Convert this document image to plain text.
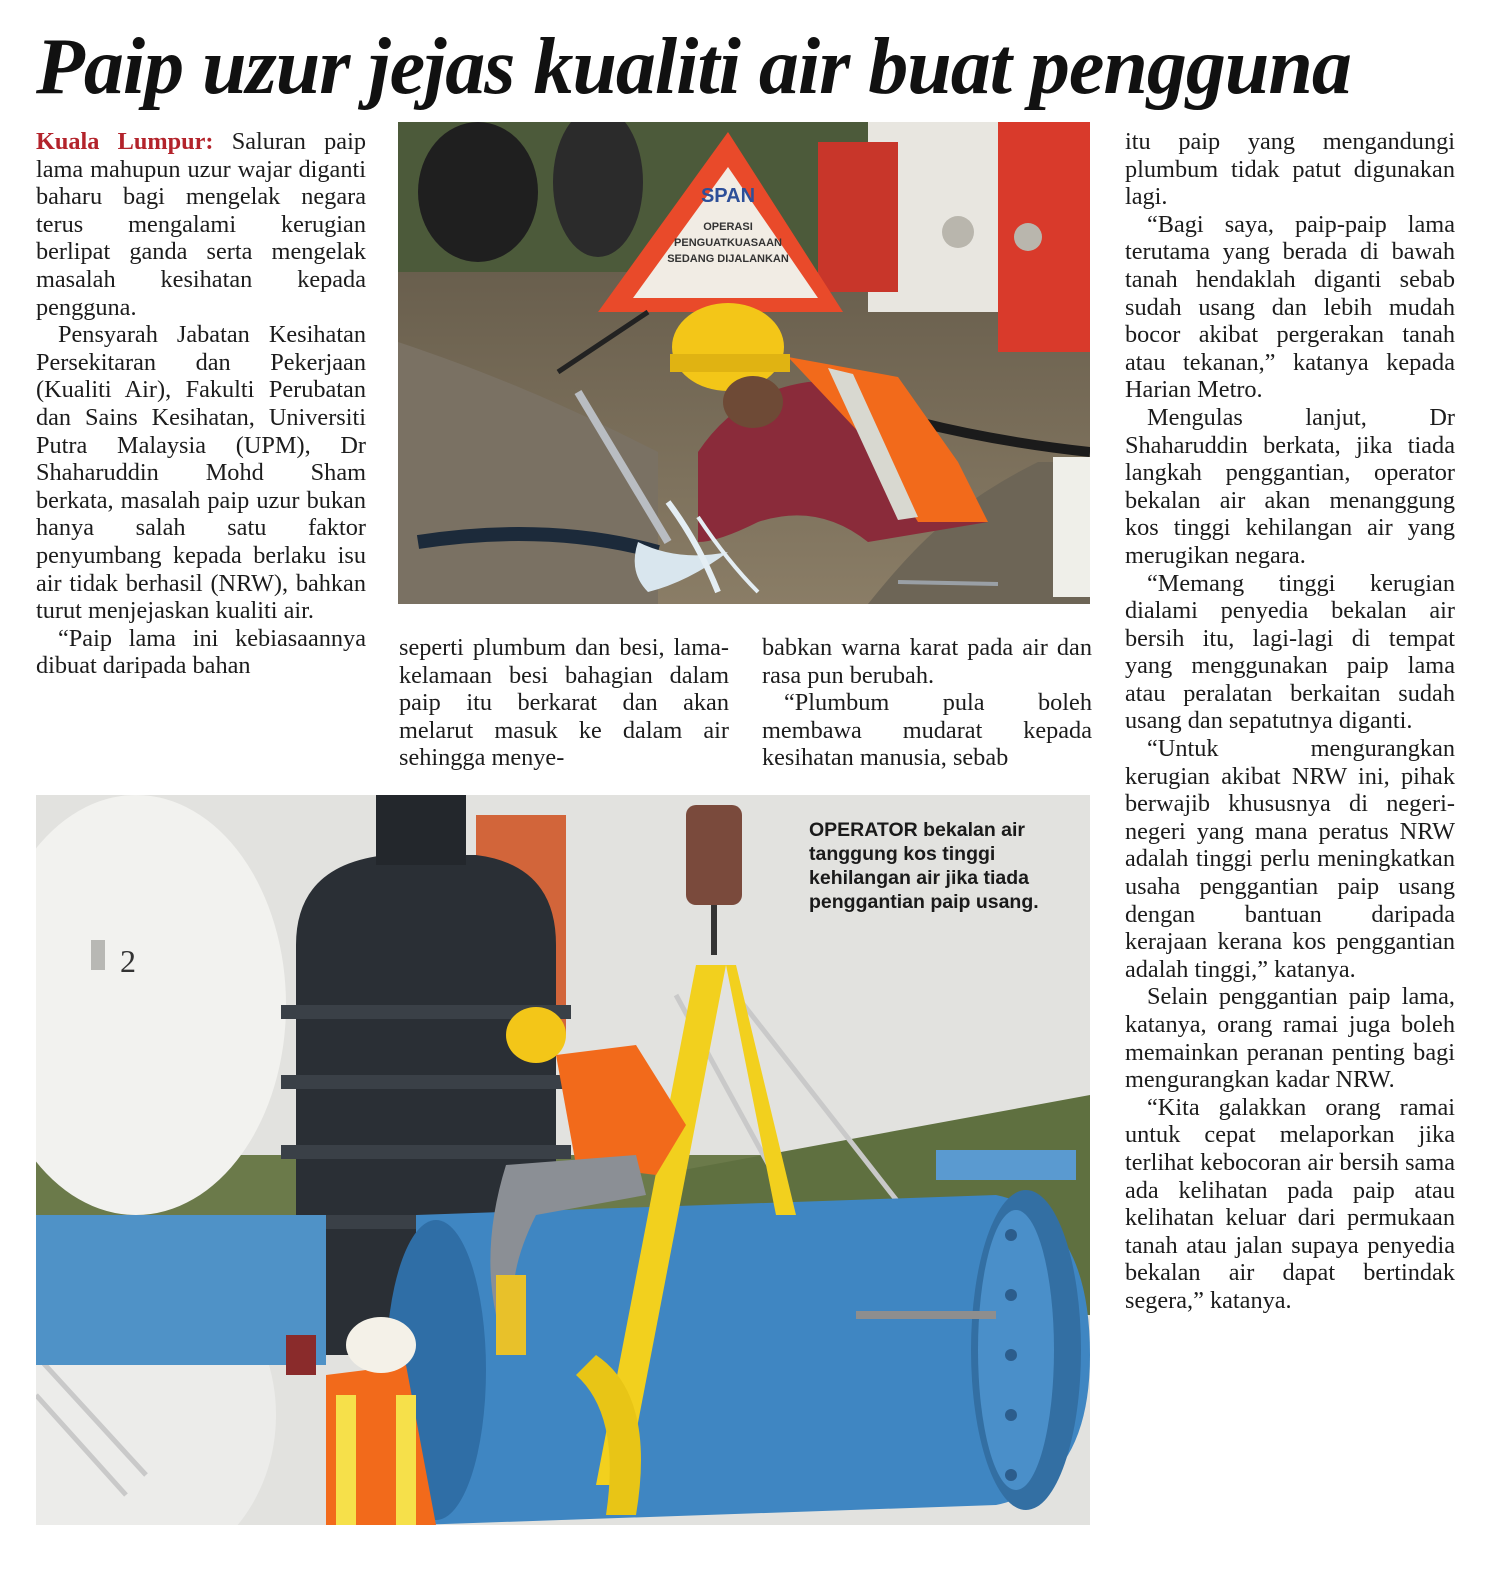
Paip uzur jejas kualiti air buat pengguna

Kuala Lumpur: Saluran paip lama mahupun uzur wajar diganti baharu bagi mengelak negara terus mengalami kerugian berlipat ganda serta mengelak masalah kesihatan kepada pengguna.

Pensyarah Jabatan Kesihatan Persekitaran dan Pekerjaan (Kualiti Air), Fakulti Perubatan dan Sains Kesihatan, Universiti Putra Malaysia (UPM), Dr Shaharuddin Mohd Sham berkata, masalah paip uzur bukan hanya salah satu faktor penyumbang kepada berlaku isu air tidak berhasil (NRW), bahkan turut menjejaskan kualiti air.

“Paip lama ini kebiasaannya dibuat daripada bahan

SPAN
OPERASI
PENGUATKUASAAN
SEDANG DIJALANKAN

seperti plumbum dan besi, lama-kelamaan besi bahagian dalam paip itu berkarat dan akan melarut masuk ke dalam air sehingga menye-

babkan warna karat pada air dan rasa pun berubah.

“Plumbum pula boleh membawa mudarat kepada kesihatan manusia, sebab

itu paip yang mengandungi plumbum tidak patut digunakan lagi.

“Bagi saya, paip-paip lama terutama yang berada di bawah tanah hendaklah diganti sebab sudah usang dan lebih mudah bocor akibat pergerakan tanah atau tekanan,” katanya kepada Harian Metro.

Mengulas lanjut, Dr Shaharuddin berkata, jika tiada langkah penggantian, operator bekalan air akan menanggung kos tinggi kehilangan air yang merugikan negara.

“Memang tinggi kerugian dialami penyedia bekalan air bersih itu, lagi-lagi di tempat yang menggunakan paip lama atau peralatan berkaitan sudah usang dan sepatutnya diganti.

“Untuk mengurangkan kerugian akibat NRW ini, pihak berwajib khususnya di negeri-negeri yang mana peratus NRW adalah tinggi perlu meningkatkan usaha penggantian paip usang dengan bantuan daripada kerajaan kerana kos penggantian adalah tinggi,” katanya.

Selain penggantian paip lama, katanya, orang ramai juga boleh memainkan peranan penting bagi mengurangkan kadar NRW.

“Kita galakkan orang ramai untuk cepat melaporkan jika terlihat kebocoran air bersih sama ada kelihatan pada paip atau kelihatan keluar dari permukaan tanah atau jalan supaya penyedia bekalan air dapat bertindak segera,” katanya.

2
OPERATOR bekalan air tanggung kos tinggi kehilangan air jika tiada penggantian paip usang.
